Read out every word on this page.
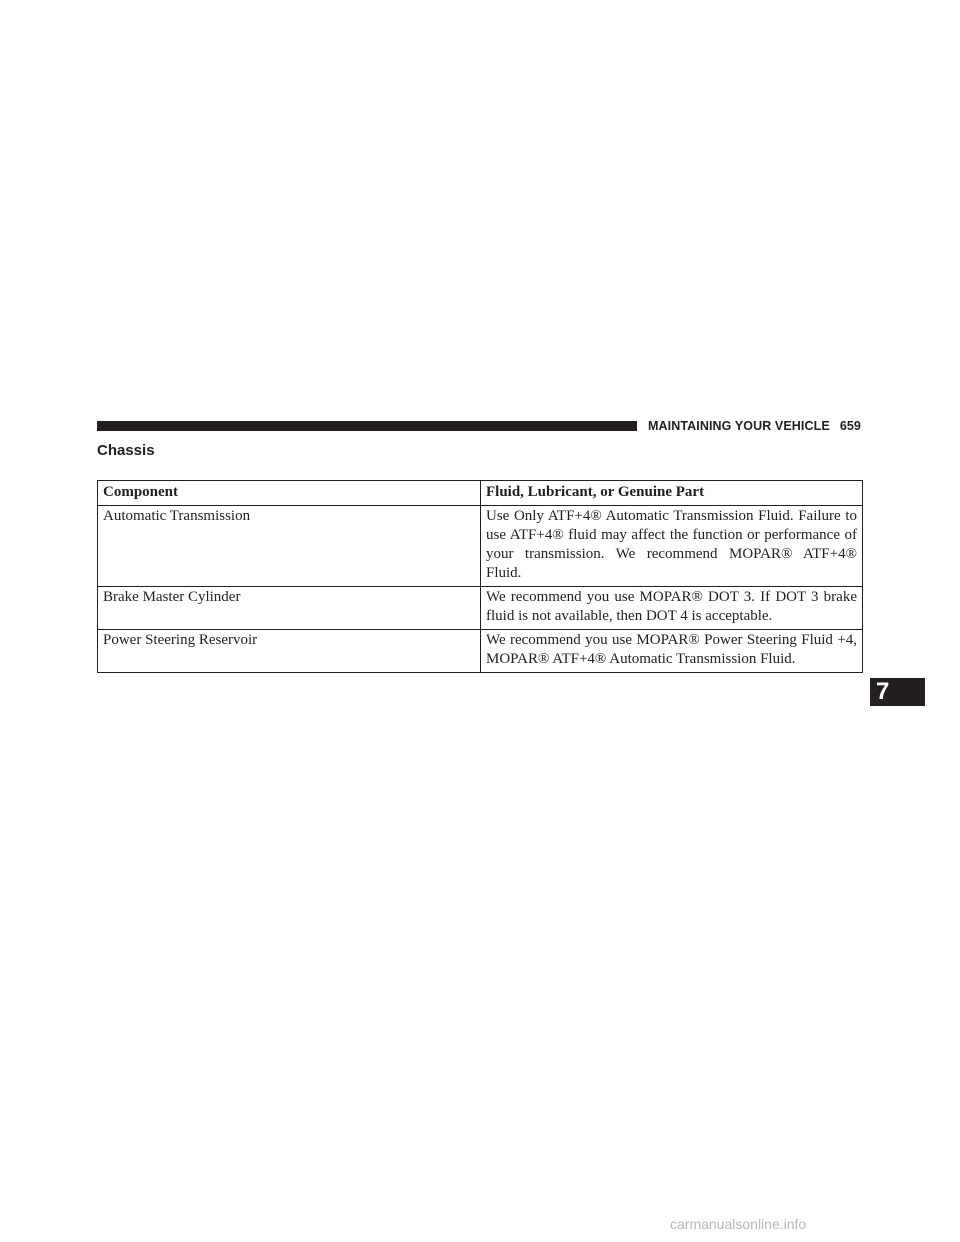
MAINTAINING YOUR VEHICLE 659
Chassis
Component	Fluid, Lubricant, or Genuine Part
Automatic Transmission	Use Only ATF+4® Automatic Transmission Fluid. Failure to use ATF+4® fluid may affect the function or performance of your transmission. We recommend MOPAR® ATF+4® Fluid.
Brake Master Cylinder	We recommend you use MOPAR® DOT 3. If DOT 3 brake fluid is not available, then DOT 4 is acceptable.
Power Steering Reservoir	We recommend you use MOPAR® Power Steering Fluid +4, MOPAR® ATF+4® Automatic Transmission Fluid.
7
carmanualsonline.info
